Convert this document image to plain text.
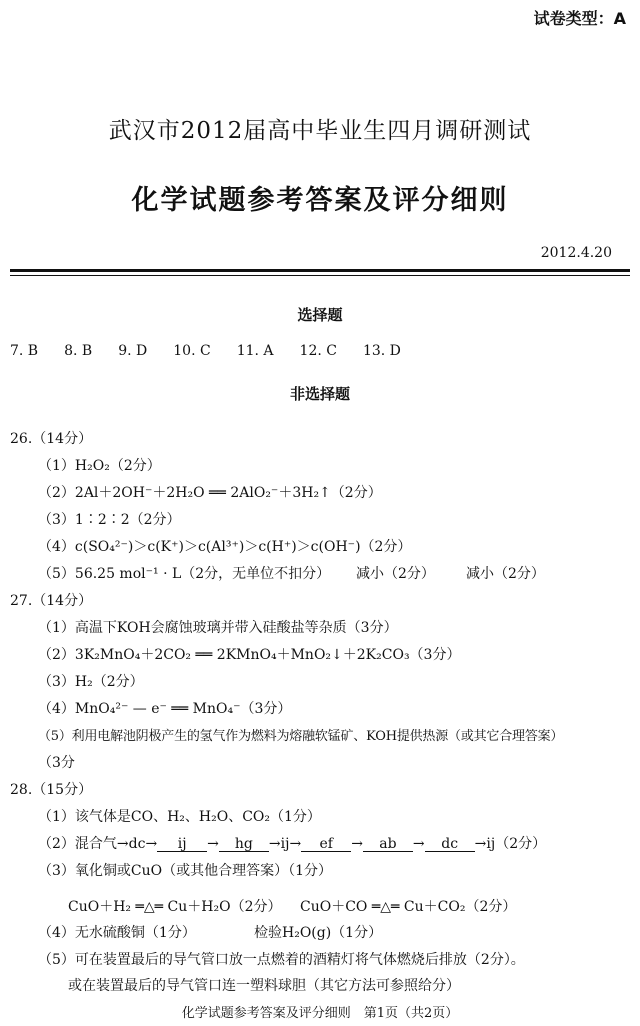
试卷类型：A
武汉市2012届高中毕业生四月调研测试
化学试题参考答案及评分细则
2012.4.20
选择题
7. B 8. B 9. D 10. C 11. A 12. C 13. D
非选择题
26.（14分）
（1）H₂O₂（2分）
（2）2Al＋2OH⁻＋2H₂O ══ 2AlO₂⁻＋3H₂↑（2分）
（3）1∶2∶2（2分）
（4）c(SO₄²⁻)＞c(K⁺)＞c(Al³⁺)＞c(H⁺)＞c(OH⁻)（2分）
（5）56.25 mol⁻¹ · L（2分，无单位不扣分） 减小（2分） 减小（2分）
27.（14分）
（1）高温下KOH会腐蚀玻璃并带入硅酸盐等杂质（3分）
（2）3K₂MnO₄＋2CO₂ ══ 2KMnO₄＋MnO₂↓＋2K₂CO₃（3分）
（3）H₂（2分）
（4）MnO₄²⁻ — e⁻ ══ MnO₄⁻（3分）
（5）利用电解池阴极产生的氢气作为燃料为熔融软锰矿、KOH提供热源（或其它合理答案）
（3分
28.（15分）
（1）该气体是CO、H₂、H₂O、CO₂（1分）
（2）混合气→dc→ ij → hg →ij→ ef → ab → dc →ij（2分）
（3）氧化铜或CuO（或其他合理答案）（1分）
CuO＋H₂ ═△═ Cu＋H₂O（2分） CuO＋CO ═△═ Cu＋CO₂（2分）
（4）无水硫酸铜（1分）	检验H₂O(g)（1分）
（5）可在装置最后的导气管口放一点燃着的酒精灯将气体燃烧后排放（2分）。
或在装置最后的导气管口连一塑料球胆（其它方法可参照给分）
化学试题参考答案及评分细则　第1页（共2页）
